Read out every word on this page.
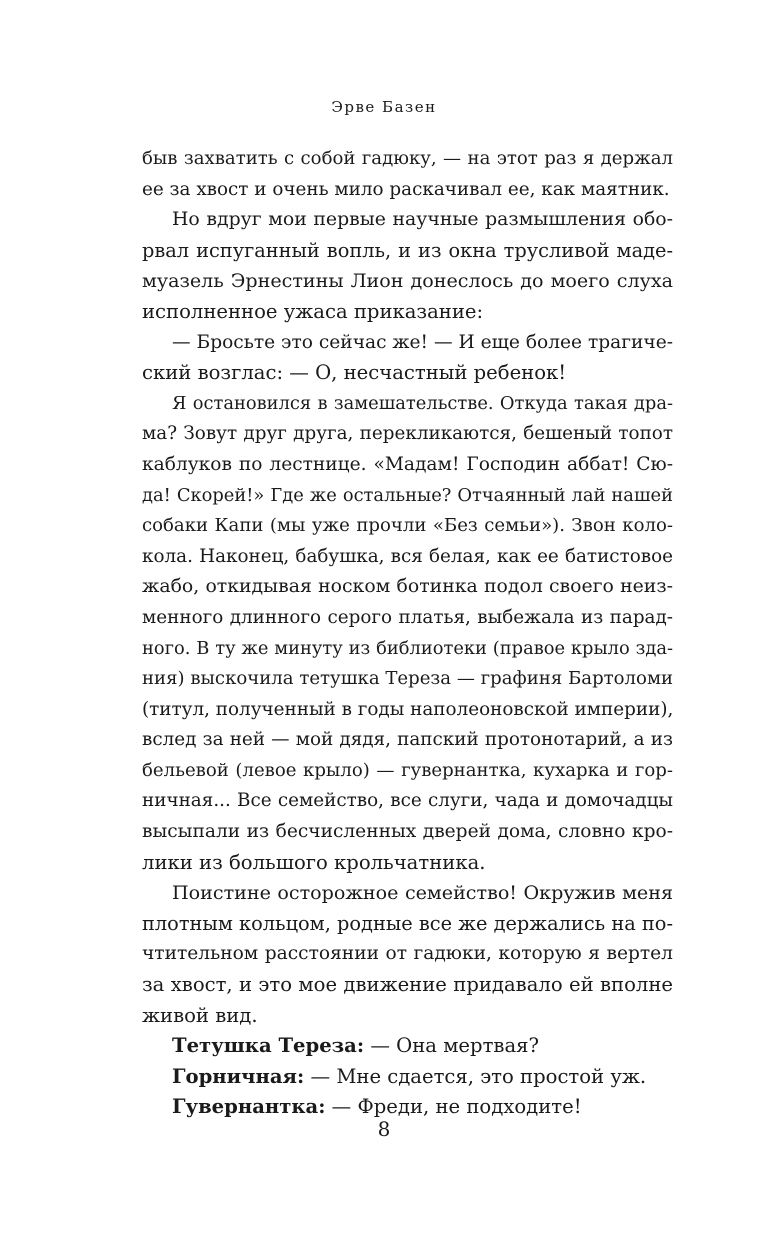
Эрве Базен
быв захватить с собой гадюку, — на этот раз я держал
ее за хвост и очень мило раскачивал ее, как маятник.
Но вдруг мои первые научные размышления обо-
рвал испуганный вопль, и из окна трусливой маде-
муазель Эрнестины Лион донеслось до моего слуха
исполненное ужаса приказание:
— Бросьте это сейчас же! — И еще более трагиче-
ский возглас: — О, несчастный ребенок!
Я остановился в замешательстве. Откуда такая дра-
ма? Зовут друг друга, перекликаются, бешеный топот
каблуков по лестнице. «Мадам! Господин аббат! Сю-
да! Скорей!» Где же остальные? Отчаянный лай нашей
собаки Капи (мы уже прочли «Без семьи»). Звон коло-
кола. Наконец, бабушка, вся белая, как ее батистовое
жабо, откидывая носком ботинка подол своего неиз-
менного длинного серого платья, выбежала из парад-
ного. В ту же минуту из библиотеки (правое крыло зда-
ния) выскочила тетушка Тереза — графиня Бартоломи
(титул, полученный в годы наполеоновской империи),
вслед за ней — мой дядя, папский протонотарий, а из
бельевой (левое крыло) — гувернантка, кухарка и гор-
ничная... Все семейство, все слуги, чада и домочадцы
высыпали из бесчисленных дверей дома, словно кро-
лики из большого крольчатника.
Поистине осторожное семейство! Окружив меня
плотным кольцом, родные все же держались на по-
чтительном расстоянии от гадюки, которую я вертел
за хвост, и это мое движение придавало ей вполне
живой вид.
Тетушка Тереза: — Она мертвая?
Горничная: — Мне сдается, это простой уж.
Гувернантка: — Фреди, не подходите!
8
